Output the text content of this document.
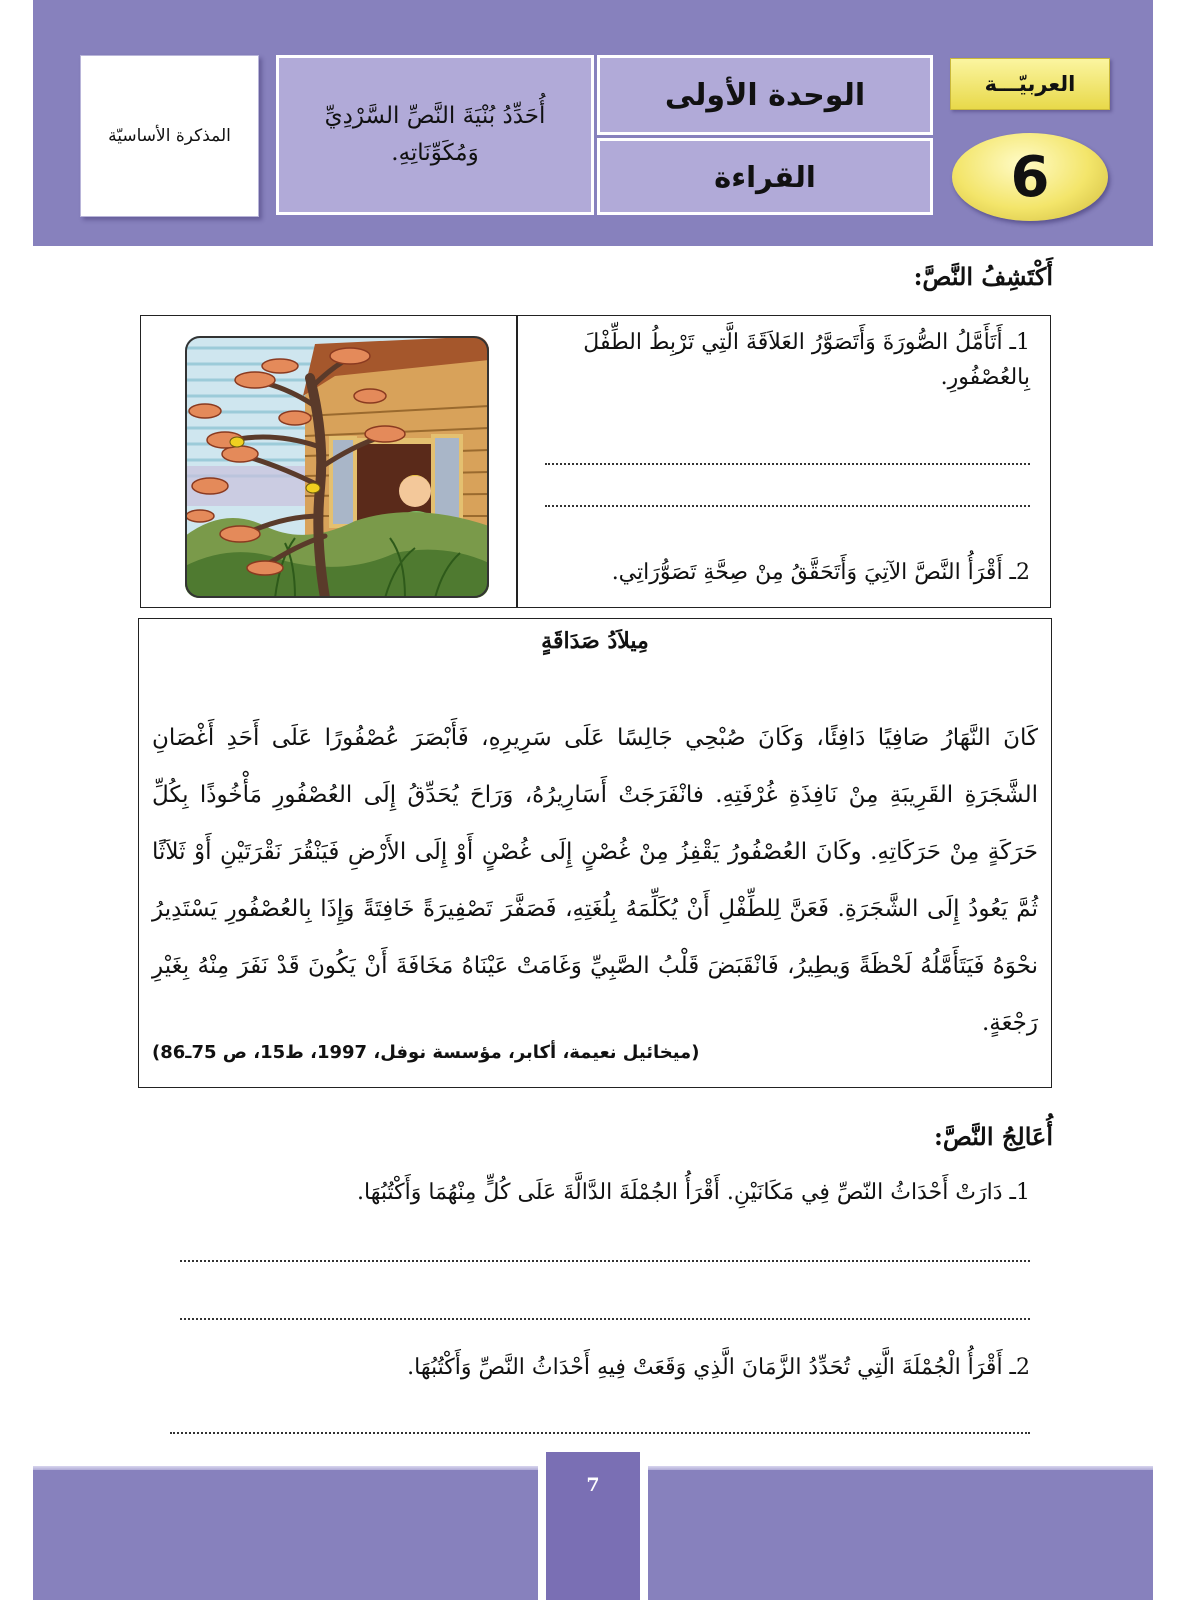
المذكرة الأساسيّة
أُحَدِّدُ بُنْيَةَ النَّصِّ السَّرْدِيِّ وَمُكَوِّنَاتِهِ.
الوحدة الأولى
القراءة
العربيّـــة
6
أَكْتَشِفُ النَّصَّ:
1ـ أَتَأَمَّلُ الصُّورَةَ وَأَتَصَوَّرُ العَلاَقَةَ الَّتِي تَرْبِطُ الطِّفْلَ بِالعُصْفُورِ.
2ـ أَقْرَأُ النَّصَّ الآتِيَ وَأَتَحَقَّقُ مِنْ صِحَّةِ تَصَوُّرَاتِي.
مِيلاَدُ صَدَاقَةٍ
كَانَ النَّهَارُ صَافِيًا دَافِئًا، وَكَانَ صُبْحِي جَالِسًا عَلَى سَرِيرِهِ، فَأَبْصَرَ عُصْفُورًا عَلَى أَحَدِ أَغْصَانِ الشَّجَرَةِ القَرِيبَةِ مِنْ نَافِذَةِ غُرْفَتِهِ. فانْفَرَجَتْ أَسَارِيرُهُ، وَرَاحَ يُحَدِّقُ إِلَى العُصْفُورِ مَأْخُوذًا بِكُلِّ حَرَكَةٍ مِنْ حَرَكَاتِهِ. وكَانَ العُصْفُورُ يَقْفِزُ مِنْ غُصْنٍ إِلَى غُصْنٍ أَوْ إِلَى الأَرْضِ فَيَنْقُرَ نَقْرَتَيْنِ أَوْ ثَلاَثًا ثُمَّ يَعُودُ إِلَى الشَّجَرَةِ. فَعَنَّ لِلطِّفْلِ أَنْ يُكَلِّمَهُ بِلُغَتِهِ، فَصَفَّرَ تَصْفِيرَةً خَافِتَةً وَإِذَا بِالعُصْفُورِ يَسْتَدِيرُ نحْوَهُ فَيَتَأَمَّلُهُ لَحْظَةً وَيطِيرُ، فَانْقَبَضَ قَلْبُ الصَّبِيِّ وَغَامَتْ عَيْنَاهُ مَخَافَةَ أَنْ يَكُونَ قَدْ نَفَرَ مِنْهُ بِغَيْرِ رَجْعَةٍ.
(ميخائيل نعيمة، أكابر، مؤسسة نوفل، 1997، ط15، ص 75ـ86)
أُعَالِجُ النَّصَّ:
1ـ دَارَتْ أَحْدَاثُ النّصِّ فِي مَكَانَيْنِ. أَقْرَأُ الجُمْلَةَ الدَّالَّةَ عَلَى كُلٍّ مِنْهُمَا وَأَكْتُبُهَا.
2ـ أَقْرَأُ الْجُمْلَةَ الَّتِي تُحَدِّدُ الزَّمَانَ الَّذِي وَقَعَتْ فِيهِ أَحْدَاثُ النَّصِّ وَأَكْتُبُهَا.
7
